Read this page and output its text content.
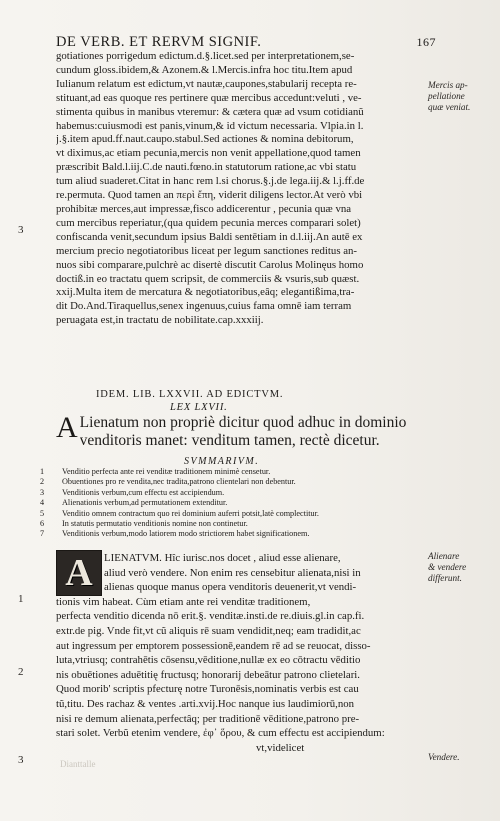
DE VERB. ET RERVM SIGNIF.	167
gotiationes porrigedum edictum.d.§.licet.sed per interpretationem,se-
cundum gloss.ibidem,& Azonem.& l.Mercis.infra hoc titu.Item apud
Iulianum relatum est edictum,vt nautæ,caupones,stabularij recepta re-
stituant,ad eas quoque res pertinere quæ mercibus accedunt:veluti , ve-
stimenta quibus in manibus vteremur: & cætera quæ ad vsum cotidianũ
habemus:cuiusmodi est panis,vinum,& id victum necessaria. Vlpia.in l.
j.§.item apud.ff.naut.caupo.stabul.Sed actiones & nomina debitorum,
vt diximus,ac etiam pecunia,mercis non venit appellatione,quod tamen
præscribit Bald.l.iij.C.de nauti.fœno.in statutorum ratione,ac vbi statu
tum aliud suaderet.Citat in hanc rem l.si chorus.§.j.de lega.iij.& l.j.ff.de
re.permuta. Quod tamen an περὶ ἔπη, viderit diligens lector.At verò vbi
prohibitæ merces,aut impressæ,fisco addicerentur , pecunia quæ vna
cum mercibus reperiatur,(qua quidem pecunia merces comparari solet)
confiscanda venit,secundum ipsius Baldi sentētiam in d.l.iij.An autē ex
mercium precio negotiatoribus liceat per legum sanctiones reditus an-
nuos sibi comparare,pulchrè ac disertè discutit Carolus Molinęus homo
doctiß.in eo tractatu quem scripsit, de commerciis & vsuris,sub quæst.
xxij.Multa item de mercatura & negotiatoribus,eâq; elegantißima,tra-
dit Do.And.Tiraquellus,senex ingenuus,cuius fama omnē iam terram
peruagata est,in tractatu de nobilitate.cap.xxxiij.
IDEM. LIB. LXXVII. AD EDICTVM.
LEX LXVII.
A Lienatum non propriè dicitur quod adhuc in dominio
venditoris manet: venditum tamen, rectè dicetur.
SVMMARIVM.
1	Venditio perfecta ante rei venditæ traditionem minimè censetur.
2	Obuentiones pro re vendita,nec tradita,patrono clientelari non debentur.
3	Venditionis verbum,cum effectu est accipiendum.
4	Alienationis verbum,ad permutationem extenditur.
5	Venditio omnem contractum quo rei dominium auferri potsit,latè complectitur.
6	In statutis permutatio venditionis nomine non continetur.
7	Venditionis verbum,modo latiorem modo strictiorem habet significationem.
A	LIENATVM. Hîc iurisc.nos docet , aliud esse alienare,
aliud verò vendere. Non enim res censebitur alienata,nisi in
alienas quoque manus opera venditoris deuenerit,vt vendi-
tionis vim habeat. Cùm etiam ante rei venditæ traditionem,
perfecta venditio dicenda nō erit.§. venditæ.insti.de re.diuis.gl.in cap.fi.
extr.de pig. Vnde fit,vt cũ aliquis rē suam vendidit,neq; eam tradidit,ac
aut ingressum per emptorem possessionē,eandem rē ad se reuocat, disso-
luta,vtriusq; contrahētis cōsensu,vēditione,nullæ ex eo cōtractu vēditio
nis obuētiones aduētitię fructusq; honorarij debeātur patrono clietelari.
Quod morib' scriptis pfecturę notre Turonēsis,nominatis verbis est cau
tũ,titu. Des rachaz & ventes .arti.xvij.Hoc nanque ius laudimiorū,non
nisi re demum alienata,perfectâq; per traditionē vēditione,patrono pre-
stari solet. Verbũ etenim vendere, ἐφ᾽ ὅρου, & cum effectu est accipiendum:
vt,videlicet
Mercis ap-
pellatione
quæ veniat.
Alienare
& vendere
differunt.
Vendere.
3
1
2
3	Dianttalle
